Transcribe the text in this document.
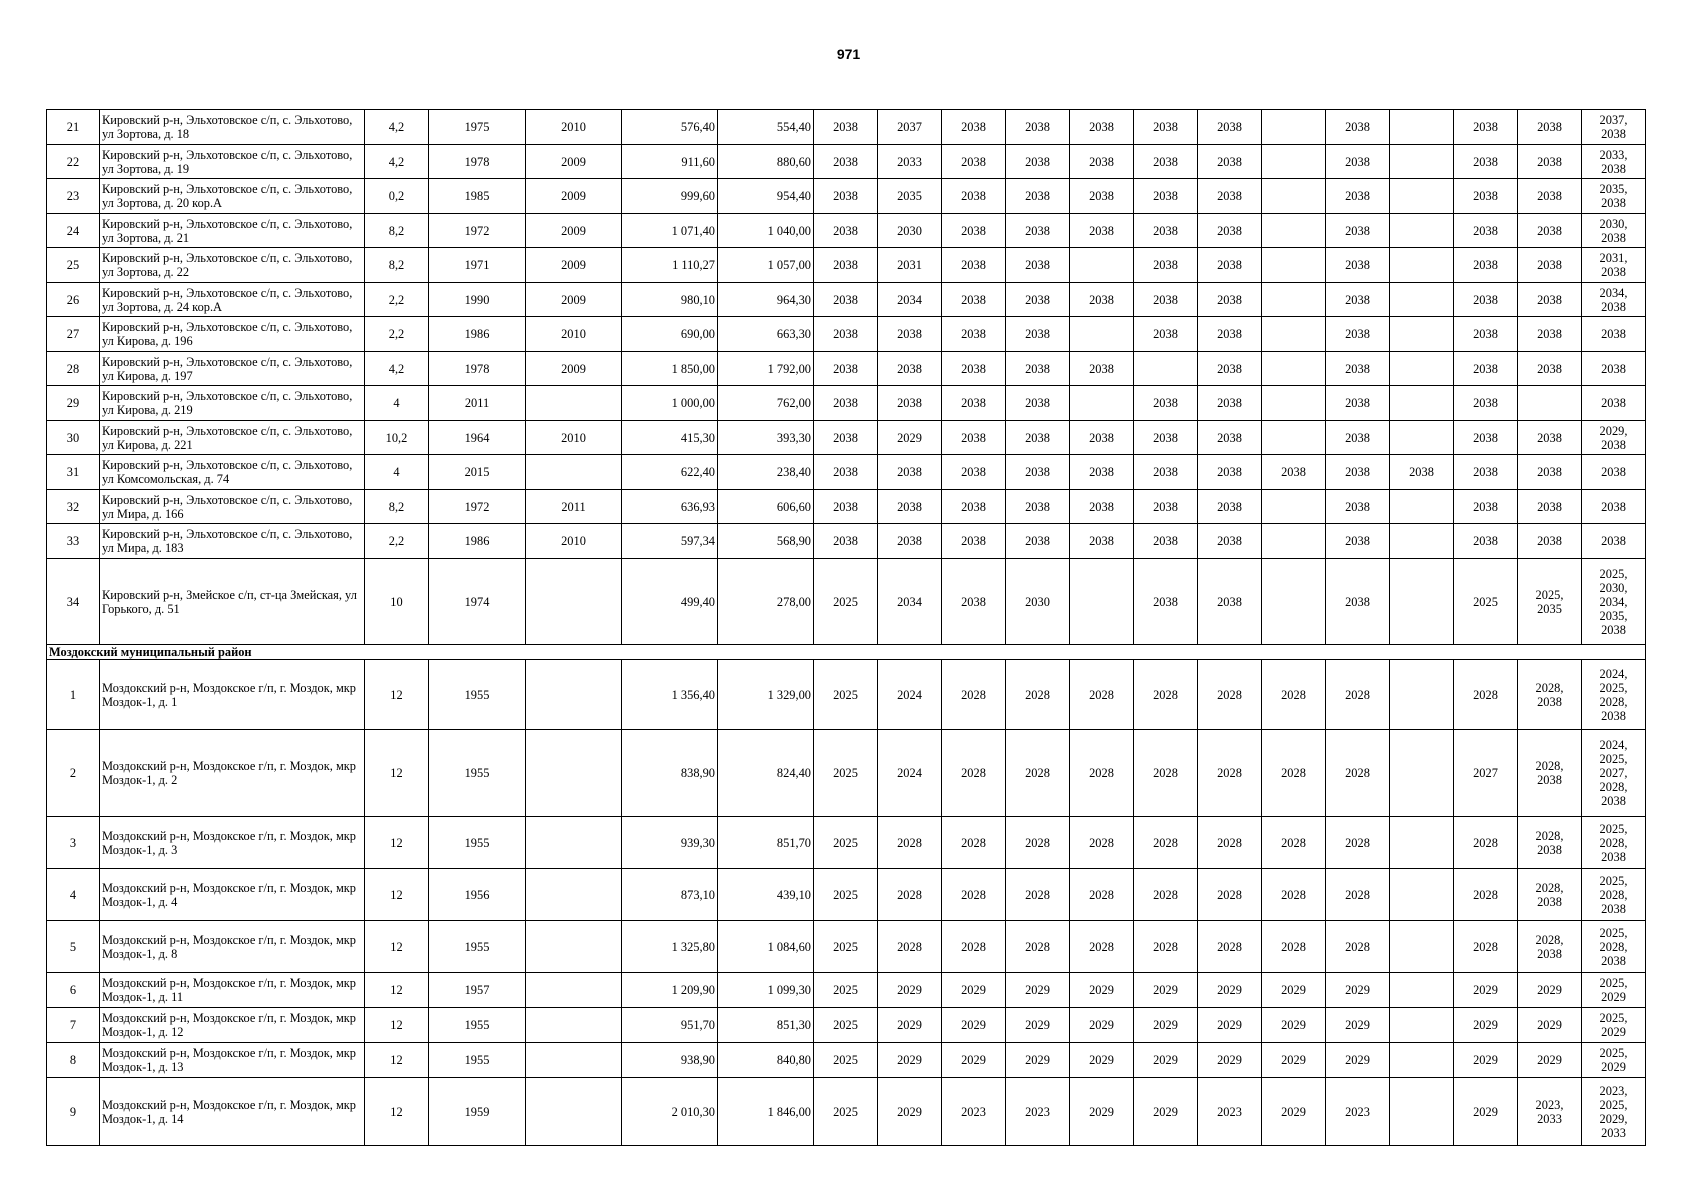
971
21	Кировский р-н, Эльхотовское с/п, с. Эльхотово, ул Зортова, д. 18	4,2	1975	2010	576,40	554,40	2038	2037	2038	2038	2038	2038	2038		2038		2038	2038	2037,
2038
22	Кировский р-н, Эльхотовское с/п, с. Эльхотово, ул Зортова, д. 19	4,2	1978	2009	911,60	880,60	2038	2033	2038	2038	2038	2038	2038		2038		2038	2038	2033,
2038
23	Кировский р-н, Эльхотовское с/п, с. Эльхотово, ул Зортова, д. 20 кор.А	0,2	1985	2009	999,60	954,40	2038	2035	2038	2038	2038	2038	2038		2038		2038	2038	2035,
2038
24	Кировский р-н, Эльхотовское с/п, с. Эльхотово, ул Зортова, д. 21	8,2	1972	2009	1 071,40	1 040,00	2038	2030	2038	2038	2038	2038	2038		2038		2038	2038	2030,
2038
25	Кировский р-н, Эльхотовское с/п, с. Эльхотово, ул Зортова, д. 22	8,2	1971	2009	1 110,27	1 057,00	2038	2031	2038	2038		2038	2038		2038		2038	2038	2031,
2038
26	Кировский р-н, Эльхотовское с/п, с. Эльхотово, ул Зортова, д. 24 кор.А	2,2	1990	2009	980,10	964,30	2038	2034	2038	2038	2038	2038	2038		2038		2038	2038	2034,
2038
27	Кировский р-н, Эльхотовское с/п, с. Эльхотово, ул Кирова, д. 196	2,2	1986	2010	690,00	663,30	2038	2038	2038	2038		2038	2038		2038		2038	2038	2038
28	Кировский р-н, Эльхотовское с/п, с. Эльхотово, ул Кирова, д. 197	4,2	1978	2009	1 850,00	1 792,00	2038	2038	2038	2038	2038		2038		2038		2038	2038	2038
29	Кировский р-н, Эльхотовское с/п, с. Эльхотово, ул Кирова, д. 219	4	2011		1 000,00	762,00	2038	2038	2038	2038		2038	2038		2038		2038		2038
30	Кировский р-н, Эльхотовское с/п, с. Эльхотово, ул Кирова, д. 221	10,2	1964	2010	415,30	393,30	2038	2029	2038	2038	2038	2038	2038		2038		2038	2038	2029,
2038
31	Кировский р-н, Эльхотовское с/п, с. Эльхотово, ул Комсомольская, д. 74	4	2015		622,40	238,40	2038	2038	2038	2038	2038	2038	2038	2038	2038	2038	2038	2038	2038
32	Кировский р-н, Эльхотовское с/п, с. Эльхотово, ул Мира, д. 166	8,2	1972	2011	636,93	606,60	2038	2038	2038	2038	2038	2038	2038		2038		2038	2038	2038
33	Кировский р-н, Эльхотовское с/п, с. Эльхотово, ул Мира, д. 183	2,2	1986	2010	597,34	568,90	2038	2038	2038	2038	2038	2038	2038		2038		2038	2038	2038
34	Кировский р-н, Змейское с/п, ст-ца Змейская, ул Горького, д. 51	10	1974		499,40	278,00	2025	2034	2038	2030		2038	2038		2038		2025	2025,
2035	2025,
2030,
2034,
2035,
2038
Моздокский муниципальный район																			
1	Моздокский р-н, Моздокское г/п, г. Моздок, мкр Моздок-1, д. 1	12	1955		1 356,40	1 329,00	2025	2024	2028	2028	2028	2028	2028	2028	2028		2028	2028,
2038	2024,
2025,
2028,
2038
2	Моздокский р-н, Моздокское г/п, г. Моздок, мкр Моздок-1, д. 2	12	1955		838,90	824,40	2025	2024	2028	2028	2028	2028	2028	2028	2028		2027	2028,
2038	2024,
2025,
2027,
2028,
2038
3	Моздокский р-н, Моздокское г/п, г. Моздок, мкр Моздок-1, д. 3	12	1955		939,30	851,70	2025	2028	2028	2028	2028	2028	2028	2028	2028		2028	2028,
2038	2025,
2028,
2038
4	Моздокский р-н, Моздокское г/п, г. Моздок, мкр Моздок-1, д. 4	12	1956		873,10	439,10	2025	2028	2028	2028	2028	2028	2028	2028	2028		2028	2028,
2038	2025,
2028,
2038
5	Моздокский р-н, Моздокское г/п, г. Моздок, мкр Моздок-1, д. 8	12	1955		1 325,80	1 084,60	2025	2028	2028	2028	2028	2028	2028	2028	2028		2028	2028,
2038	2025,
2028,
2038
6	Моздокский р-н, Моздокское г/п, г. Моздок, мкр Моздок-1, д. 11	12	1957		1 209,90	1 099,30	2025	2029	2029	2029	2029	2029	2029	2029	2029		2029	2029	2025,
2029
7	Моздокский р-н, Моздокское г/п, г. Моздок, мкр Моздок-1, д. 12	12	1955		951,70	851,30	2025	2029	2029	2029	2029	2029	2029	2029	2029		2029	2029	2025,
2029
8	Моздокский р-н, Моздокское г/п, г. Моздок, мкр Моздок-1, д. 13	12	1955		938,90	840,80	2025	2029	2029	2029	2029	2029	2029	2029	2029		2029	2029	2025,
2029
9	Моздокский р-н, Моздокское г/п, г. Моздок, мкр Моздок-1, д. 14	12	1959		2 010,30	1 846,00	2025	2029	2023	2023	2029	2029	2023	2029	2023		2029	2023,
2033	2023,
2025,
2029,
2033
